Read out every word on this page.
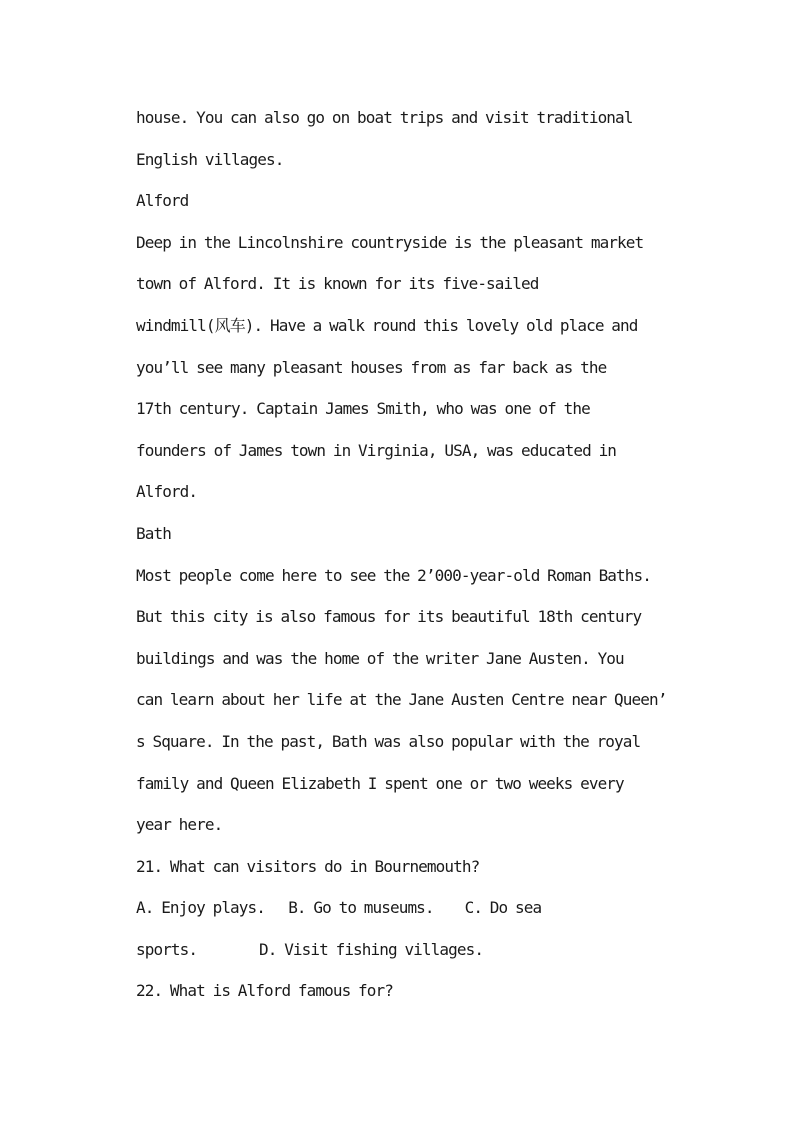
house. You can also go on boat trips and visit traditional
English villages.
Alford
Deep in the Lincolnshire countryside is the pleasant market
town of Alford. It is known for its five-sailed
windmill(风车). Have a walk round this lovely old place and
you’ll see many pleasant houses from as far back as the
17th century. Captain James Smith, who was one of the
founders of James town in Virginia, USA, was educated in
Alford.
Bath
Most people come here to see the 2’000-year-old Roman Baths.
But this city is also famous for its beautiful 18th century
buildings and was the home of the writer Jane Austen. You
can learn about her life at the Jane Austen Centre near Queen’
s Square. In the past, Bath was also popular with the royal
family and Queen Elizabeth I spent one or two weeks every
year here.
21. What can visitors do in Bournemouth?
A. Enjoy plays.   B. Go to museums.    C. Do sea
sports.        D. Visit fishing villages.
22. What is Alford famous for?
